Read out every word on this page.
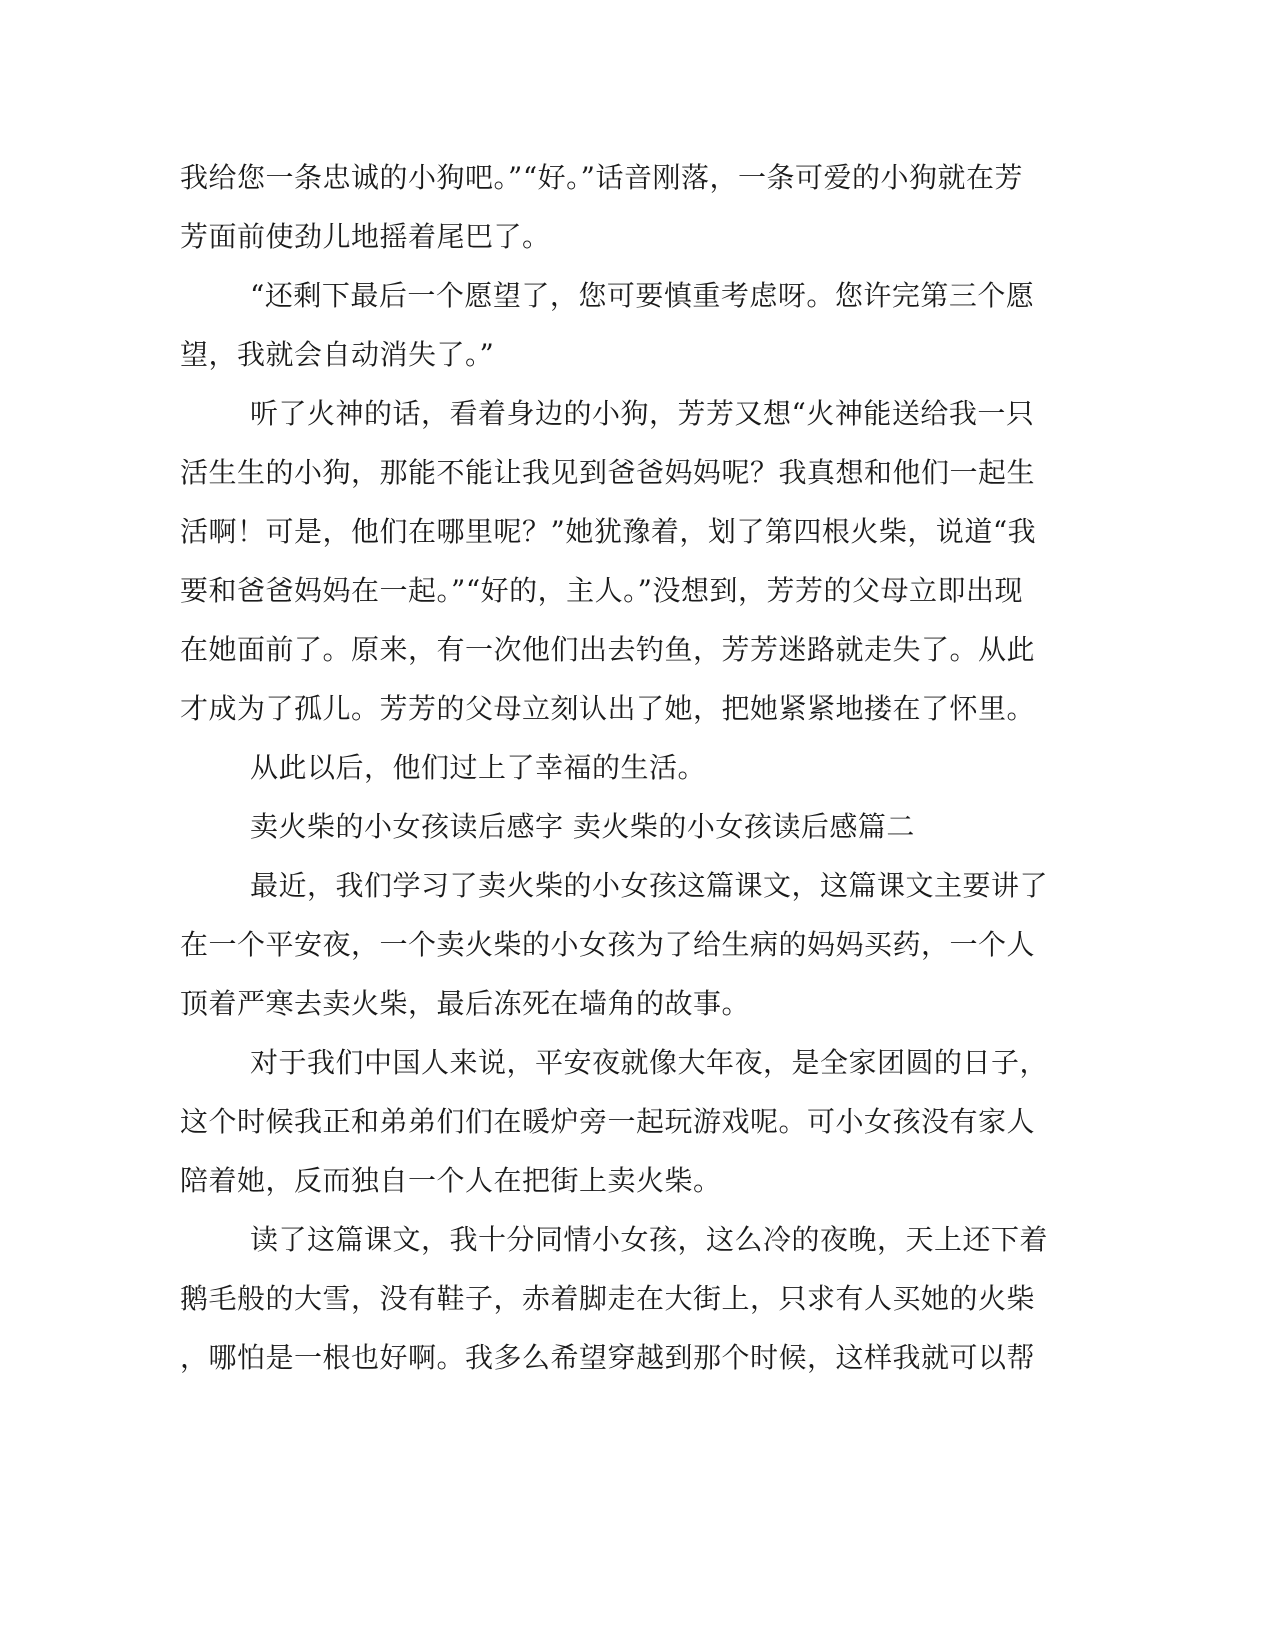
我给您一条忠诚的小狗吧。”“好。”话音刚落，一条可爱的小狗就在芳
芳面前使劲儿地摇着尾巴了。
“还剩下最后一个愿望了，您可要慎重考虑呀。您许完第三个愿
望，我就会自动消失了。”
听了火神的话，看着身边的小狗，芳芳又想“火神能送给我一只
活生生的小狗，那能不能让我见到爸爸妈妈呢？我真想和他们一起生
活啊！可是，他们在哪里呢？”她犹豫着，划了第四根火柴，说道“我
要和爸爸妈妈在一起。”“好的，主人。”没想到，芳芳的父母立即出现
在她面前了。原来，有一次他们出去钓鱼，芳芳迷路就走失了。从此
才成为了孤儿。芳芳的父母立刻认出了她，把她紧紧地搂在了怀里。
从此以后，他们过上了幸福的生活。
卖火柴的小女孩读后感字 卖火柴的小女孩读后感篇二
最近，我们学习了卖火柴的小女孩这篇课文，这篇课文主要讲了
在一个平安夜，一个卖火柴的小女孩为了给生病的妈妈买药，一个人
顶着严寒去卖火柴，最后冻死在墙角的故事。
对于我们中国人来说，平安夜就像大年夜，是全家团圆的日子，
这个时候我正和弟弟们们在暖炉旁一起玩游戏呢。可小女孩没有家人
陪着她，反而独自一个人在把街上卖火柴。
读了这篇课文，我十分同情小女孩，这么冷的夜晚，天上还下着
鹅毛般的大雪，没有鞋子，赤着脚走在大街上，只求有人买她的火柴
，哪怕是一根也好啊。我多么希望穿越到那个时候，这样我就可以帮
